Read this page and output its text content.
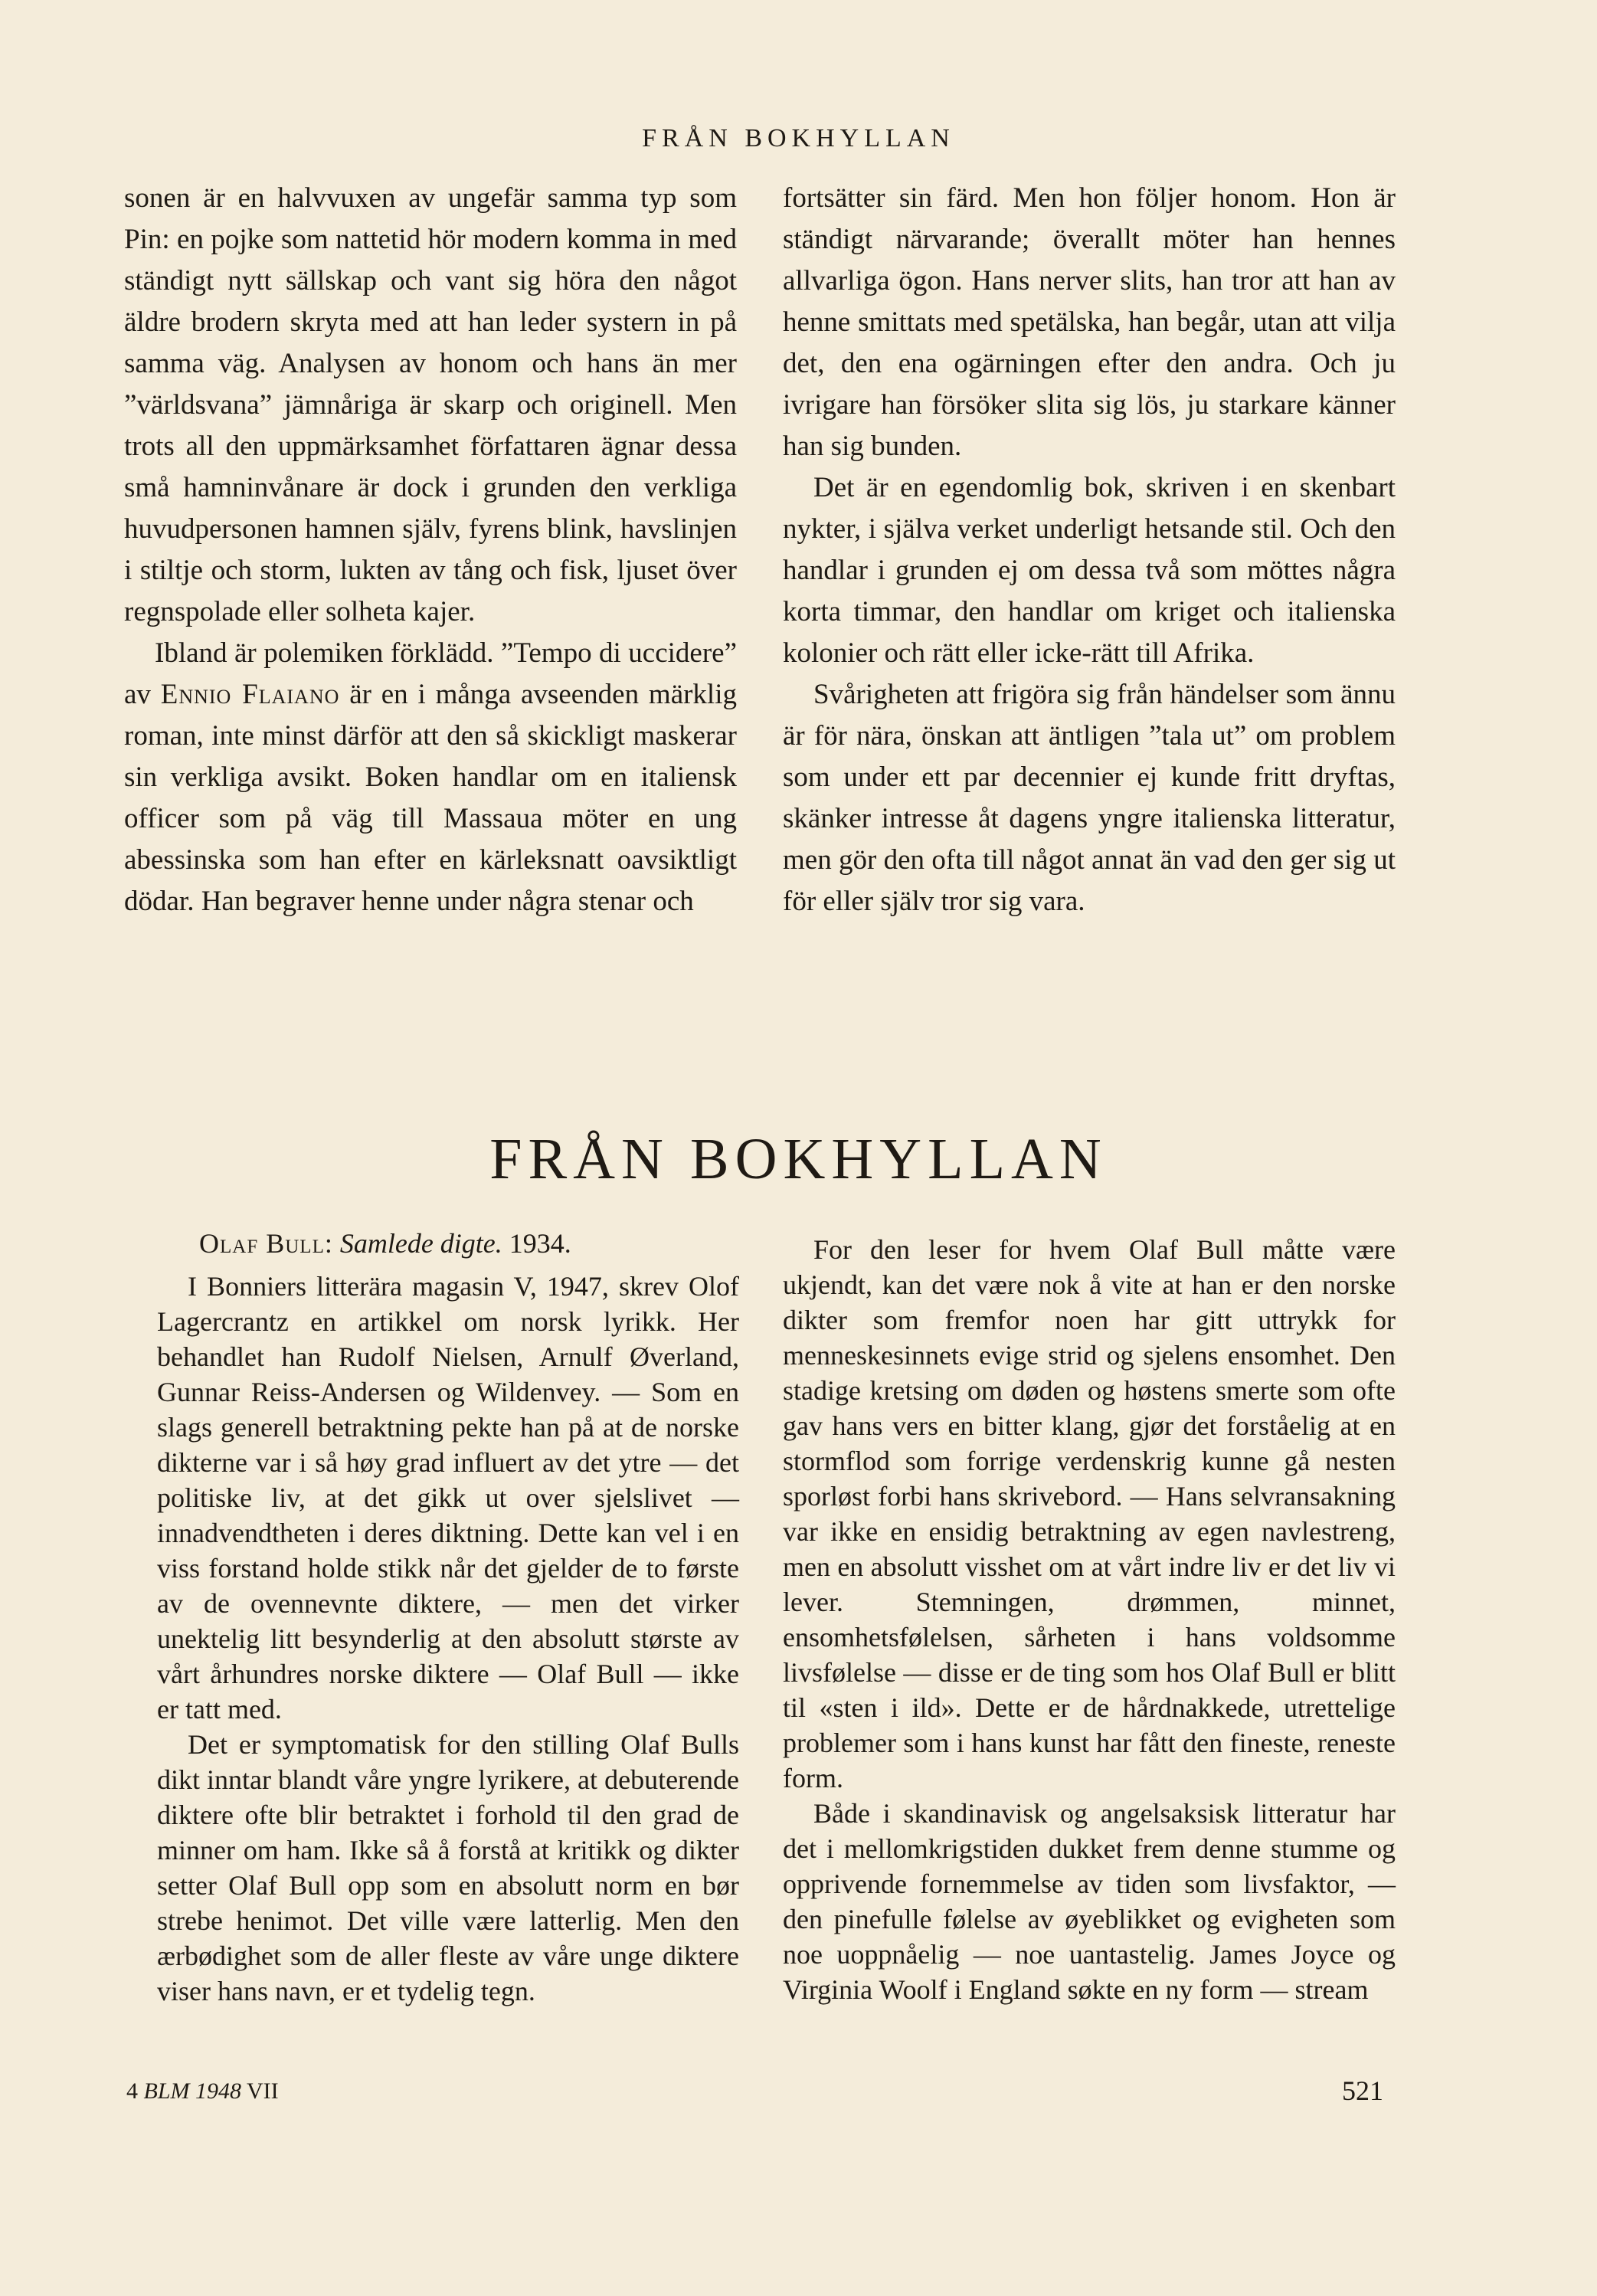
FRÅN BOKHYLLAN

sonen är en halvvuxen av ungefär samma typ som Pin: en pojke som nattetid hör modern komma in med ständigt nytt sällskap och vant sig höra den något äldre brodern skryta med att han leder systern in på samma väg. Analysen av honom och hans än mer ”världsvana” jämnåriga är skarp och originell. Men trots all den uppmärksamhet författaren ägnar dessa små hamninvånare är dock i grunden den verkliga huvudpersonen hamnen själv, fyrens blink, havslinjen i stiltje och storm, lukten av tång och fisk, ljuset över regnspolade eller solheta kajer.

Ibland är polemiken förklädd. ”Tempo di uccidere” av Ennio Flaiano är en i många avseenden märklig roman, inte minst därför att den så skickligt maskerar sin verkliga avsikt. Boken handlar om en italiensk officer som på väg till Massaua möter en ung abessinska som han efter en kärleksnatt oavsiktligt dödar. Han begraver henne under några stenar och

fortsätter sin färd. Men hon följer honom. Hon är ständigt närvarande; överallt möter han hennes allvarliga ögon. Hans nerver slits, han tror att han av henne smittats med spetälska, han begår, utan att vilja det, den ena ogärningen efter den andra. Och ju ivrigare han försöker slita sig lös, ju starkare känner han sig bunden.

Det är en egendomlig bok, skriven i en skenbart nykter, i själva verket underligt hetsande stil. Och den handlar i grunden ej om dessa två som möttes några korta timmar, den handlar om kriget och italienska kolonier och rätt eller icke-rätt till Afrika.

Svårigheten att frigöra sig från händelser som ännu är för nära, önskan att äntligen ”tala ut” om problem som under ett par decennier ej kunde fritt dryftas, skänker intresse åt dagens yngre italienska litteratur, men gör den ofta till något annat än vad den ger sig ut för eller själv tror sig vara.

FRÅN BOKHYLLAN

Olaf Bull: Samlede digte. 1934.

I Bonniers litterära magasin V, 1947, skrev Olof Lagercrantz en artikkel om norsk lyrikk. Her behandlet han Rudolf Nielsen, Arnulf Øverland, Gunnar Reiss-Andersen og Wildenvey. — Som en slags generell betraktning pekte han på at de norske dikterne var i så høy grad influert av det ytre — det politiske liv, at det gikk ut over sjelslivet — innadvendtheten i deres diktning. Dette kan vel i en viss forstand holde stikk når det gjelder de to første av de ovennevnte diktere, — men det virker unektelig litt besynderlig at den absolutt største av vårt århundres norske diktere — Olaf Bull — ikke er tatt med.

Det er symptomatisk for den stilling Olaf Bulls dikt inntar blandt våre yngre lyrikere, at debuterende diktere ofte blir betraktet i forhold til den grad de minner om ham. Ikke så å forstå at kritikk og dikter setter Olaf Bull opp som en absolutt norm en bør strebe henimot. Det ville være latterlig. Men den ærbødighet som de aller fleste av våre unge diktere viser hans navn, er et tydelig tegn.

For den leser for hvem Olaf Bull måtte være ukjendt, kan det være nok å vite at han er den norske dikter som fremfor noen har gitt uttrykk for menneskesinnets evige strid og sjelens ensomhet. Den stadige kretsing om døden og høstens smerte som ofte gav hans vers en bitter klang, gjør det forståelig at en stormflod som forrige verdenskrig kunne gå nesten sporløst forbi hans skrivebord. — Hans selvransakning var ikke en ensidig betraktning av egen navlestreng, men en absolutt visshet om at vårt indre liv er det liv vi lever. Stemningen, drømmen, minnet, ensomhetsfølelsen, sårheten i hans voldsomme livsfølelse — disse er de ting som hos Olaf Bull er blitt til «sten i ild». Dette er de hårdnakkede, utrettelige problemer som i hans kunst har fått den fineste, reneste form.

Både i skandinavisk og angelsaksisk litteratur har det i mellomkrigstiden dukket frem denne stumme og opprivende fornemmelse av tiden som livsfaktor, — den pinefulle følelse av øyeblikket og evigheten som noe uoppnåelig — noe uantastelig. James Joyce og Virginia Woolf i England søkte en ny form — stream

4 BLM 1948 VII	521
